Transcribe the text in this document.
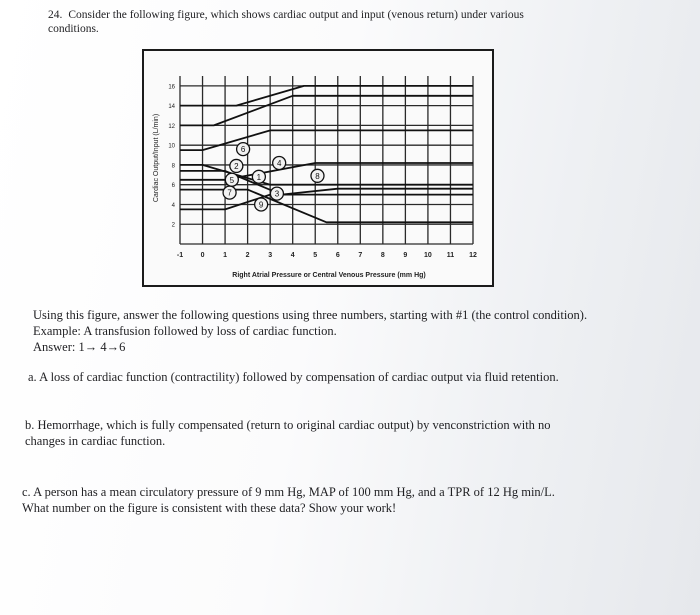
24. Consider the following figure, which shows cardiac output and input (venous return) under various
conditions.
1
2
3
4
5
6
7
8
9
-1 0	1	2	3	4	5	6	7	8	9 10 11 12
2
4
6
8
10
12
14
16
Cardiac Output/Input (L/min)
Right Atrial Pressure or Central Venous Pressure (mm Hg)
Using this figure, answer the following questions using three numbers, starting with #1 (the control condition).
Example: A transfusion followed by loss of cardiac function.
Answer: 1→ 4→6
a. A loss of cardiac function (contractility) followed by compensation of cardiac output via fluid retention.
b. Hemorrhage, which is fully compensated (return to original cardiac output) by venconstriction with no
changes in cardiac function.
c. A person has a mean circulatory pressure of 9 mm Hg, MAP of 100 mm Hg, and a TPR of 12 Hg min/L.
What number on the figure is consistent with these data? Show your work!
